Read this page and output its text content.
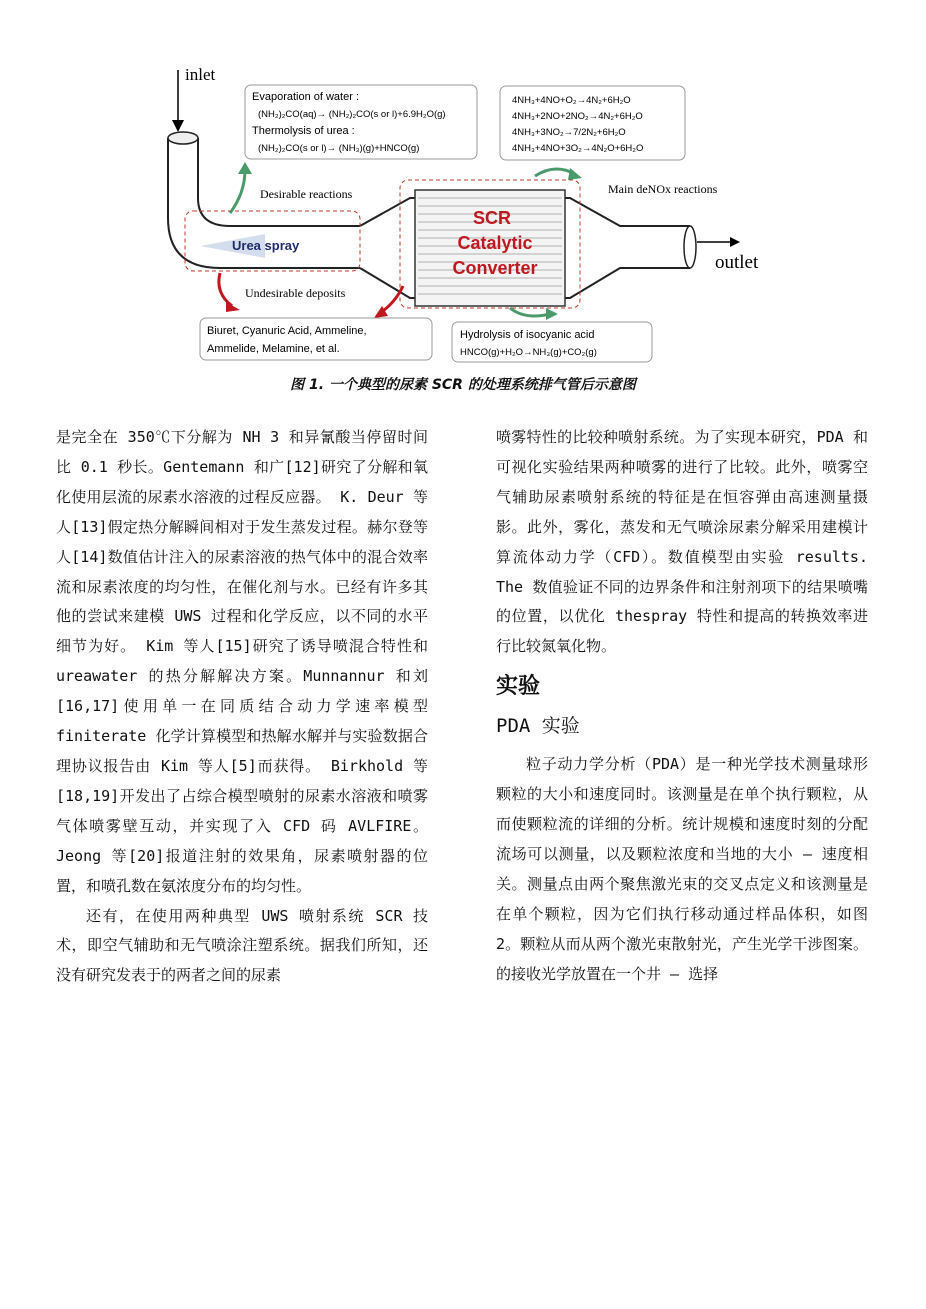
inlet
outlet
SCR
Catalytic
Converter
Urea spray
Evaporation of water :
(NH₂)₂CO(aq)→ (NH₂)₂CO(s or l)+6.9H₂O(g)
Thermolysis of urea :
(NH₂)₂CO(s or l)→ (NH₃)(g)+HNCO(g)
4NH₃+4NO+O₂→4N₂+6H₂O
4NH₃+2NO+2NO₂→4N₂+6H₂O
4NH₃+3NO₂→7/2N₂+6H₂O
4NH₃+4NO+3O₂→4N₂O+6H₂O
Desirable reactions	Main deNOx reactions
Undesirable deposits
Biuret, Cyanuric Acid, Ammeline,
Ammelide, Melamine, et al.
Hydrolysis of isocyanic acid
HNCO(g)+H₂O→NH₃(g)+CO₂(g)
图 1. 一个典型的尿素 SCR 的处理系统排气管后示意图

是完全在 350℃下分解为 NH 3 和异氰酸当停留时间比 0.1 秒长。Gentemann 和广[12]研究了分解和氧化使用层流的尿素水溶液的过程反应器。 K. Deur 等人[13]假定热分解瞬间相对于发生蒸发过程。赫尔登等人[14]数值估计注入的尿素溶液的热气体中的混合效率流和尿素浓度的均匀性，在催化剂与水。已经有许多其他的尝试来建模 UWS 过程和化学反应，以不同的水平细节为好。 Kim 等人[15]研究了诱导喷混合特性和 ureawater 的热分解解决方案。Munnannur 和刘[16,17]使用单一在同质结合动力学速率模型 finiterate 化学计算模型和热解水解并与实验数据合理协议报告由 Kim 等人[5]而获得。 Birkhold 等[18,19]开发出了占综合模型喷射的尿素水溶液和喷雾气体喷雾壁互动，并实现了入 CFD 码 AVLFIRE。Jeong 等[20]报道注射的效果角，尿素喷射器的位置，和喷孔数在氨浓度分布的均匀性。

还有，在使用两种典型 UWS 喷射系统 SCR 技术，即空气辅助和无气喷涂注塑系统。据我们所知，还没有研究发表于的两者之间的尿素

喷雾特性的比较种喷射系统。为了实现本研究，PDA 和可视化实验结果两种喷雾的进行了比较。此外，喷雾空气辅助尿素喷射系统的特征是在恒容弹由高速测量摄影。此外，雾化，蒸发和无气喷涂尿素分解采用建模计算流体动力学（CFD）。数值模型由实验 results. The 数值验证不同的边界条件和注射剂项下的结果喷嘴的位置，以优化 thespray 特性和提高的转换效率进行比较氮氧化物。

实验
PDA 实验

粒子动力学分析（PDA）是一种光学技术测量球形颗粒的大小和速度同时。该测量是在单个执行颗粒，从而使颗粒流的详细的分析。统计规模和速度时刻的分配流场可以测量，以及颗粒浓度和当地的大小 – 速度相关。测量点由两个聚焦激光束的交叉点定义和该测量是在单个颗粒，因为它们执行移动通过样品体积，如图 2。颗粒从而从两个激光束散射光，产生光学干涉图案。的接收光学放置在一个井 – 选择
